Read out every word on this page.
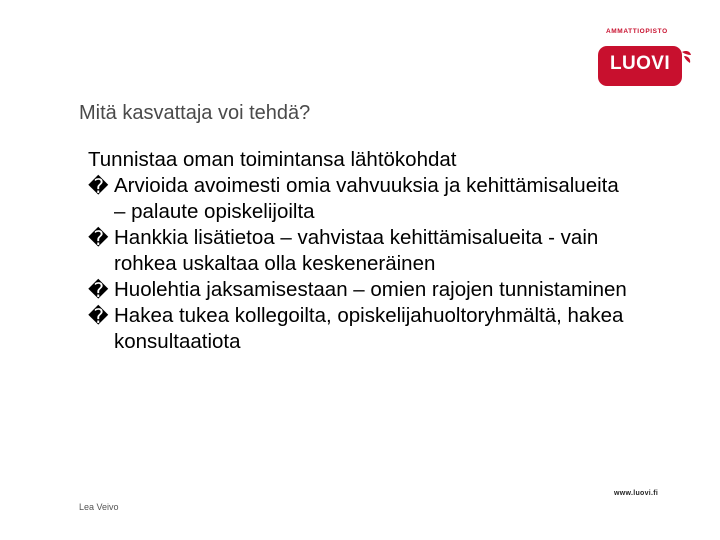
AMMATTIOPISTO
LUOVI
Mitä kasvattaja voi tehdä?

Tunnistaa oman toimintansa lähtökohdat

� Arvioida avoimesti omia vahvuuksia ja kehittämisalueita – palaute opiskelijoilta
� Hankkia lisätietoa – vahvistaa kehittämisalueita - vain rohkea uskaltaa olla keskeneräinen
� Huolehtia jaksamisestaan – omien rajojen tunnistaminen
� Hakea tukea kollegoilta, opiskelijahuoltoryhmältä, hakea konsultaatiota
Lea Veivo
www.luovi.fi
